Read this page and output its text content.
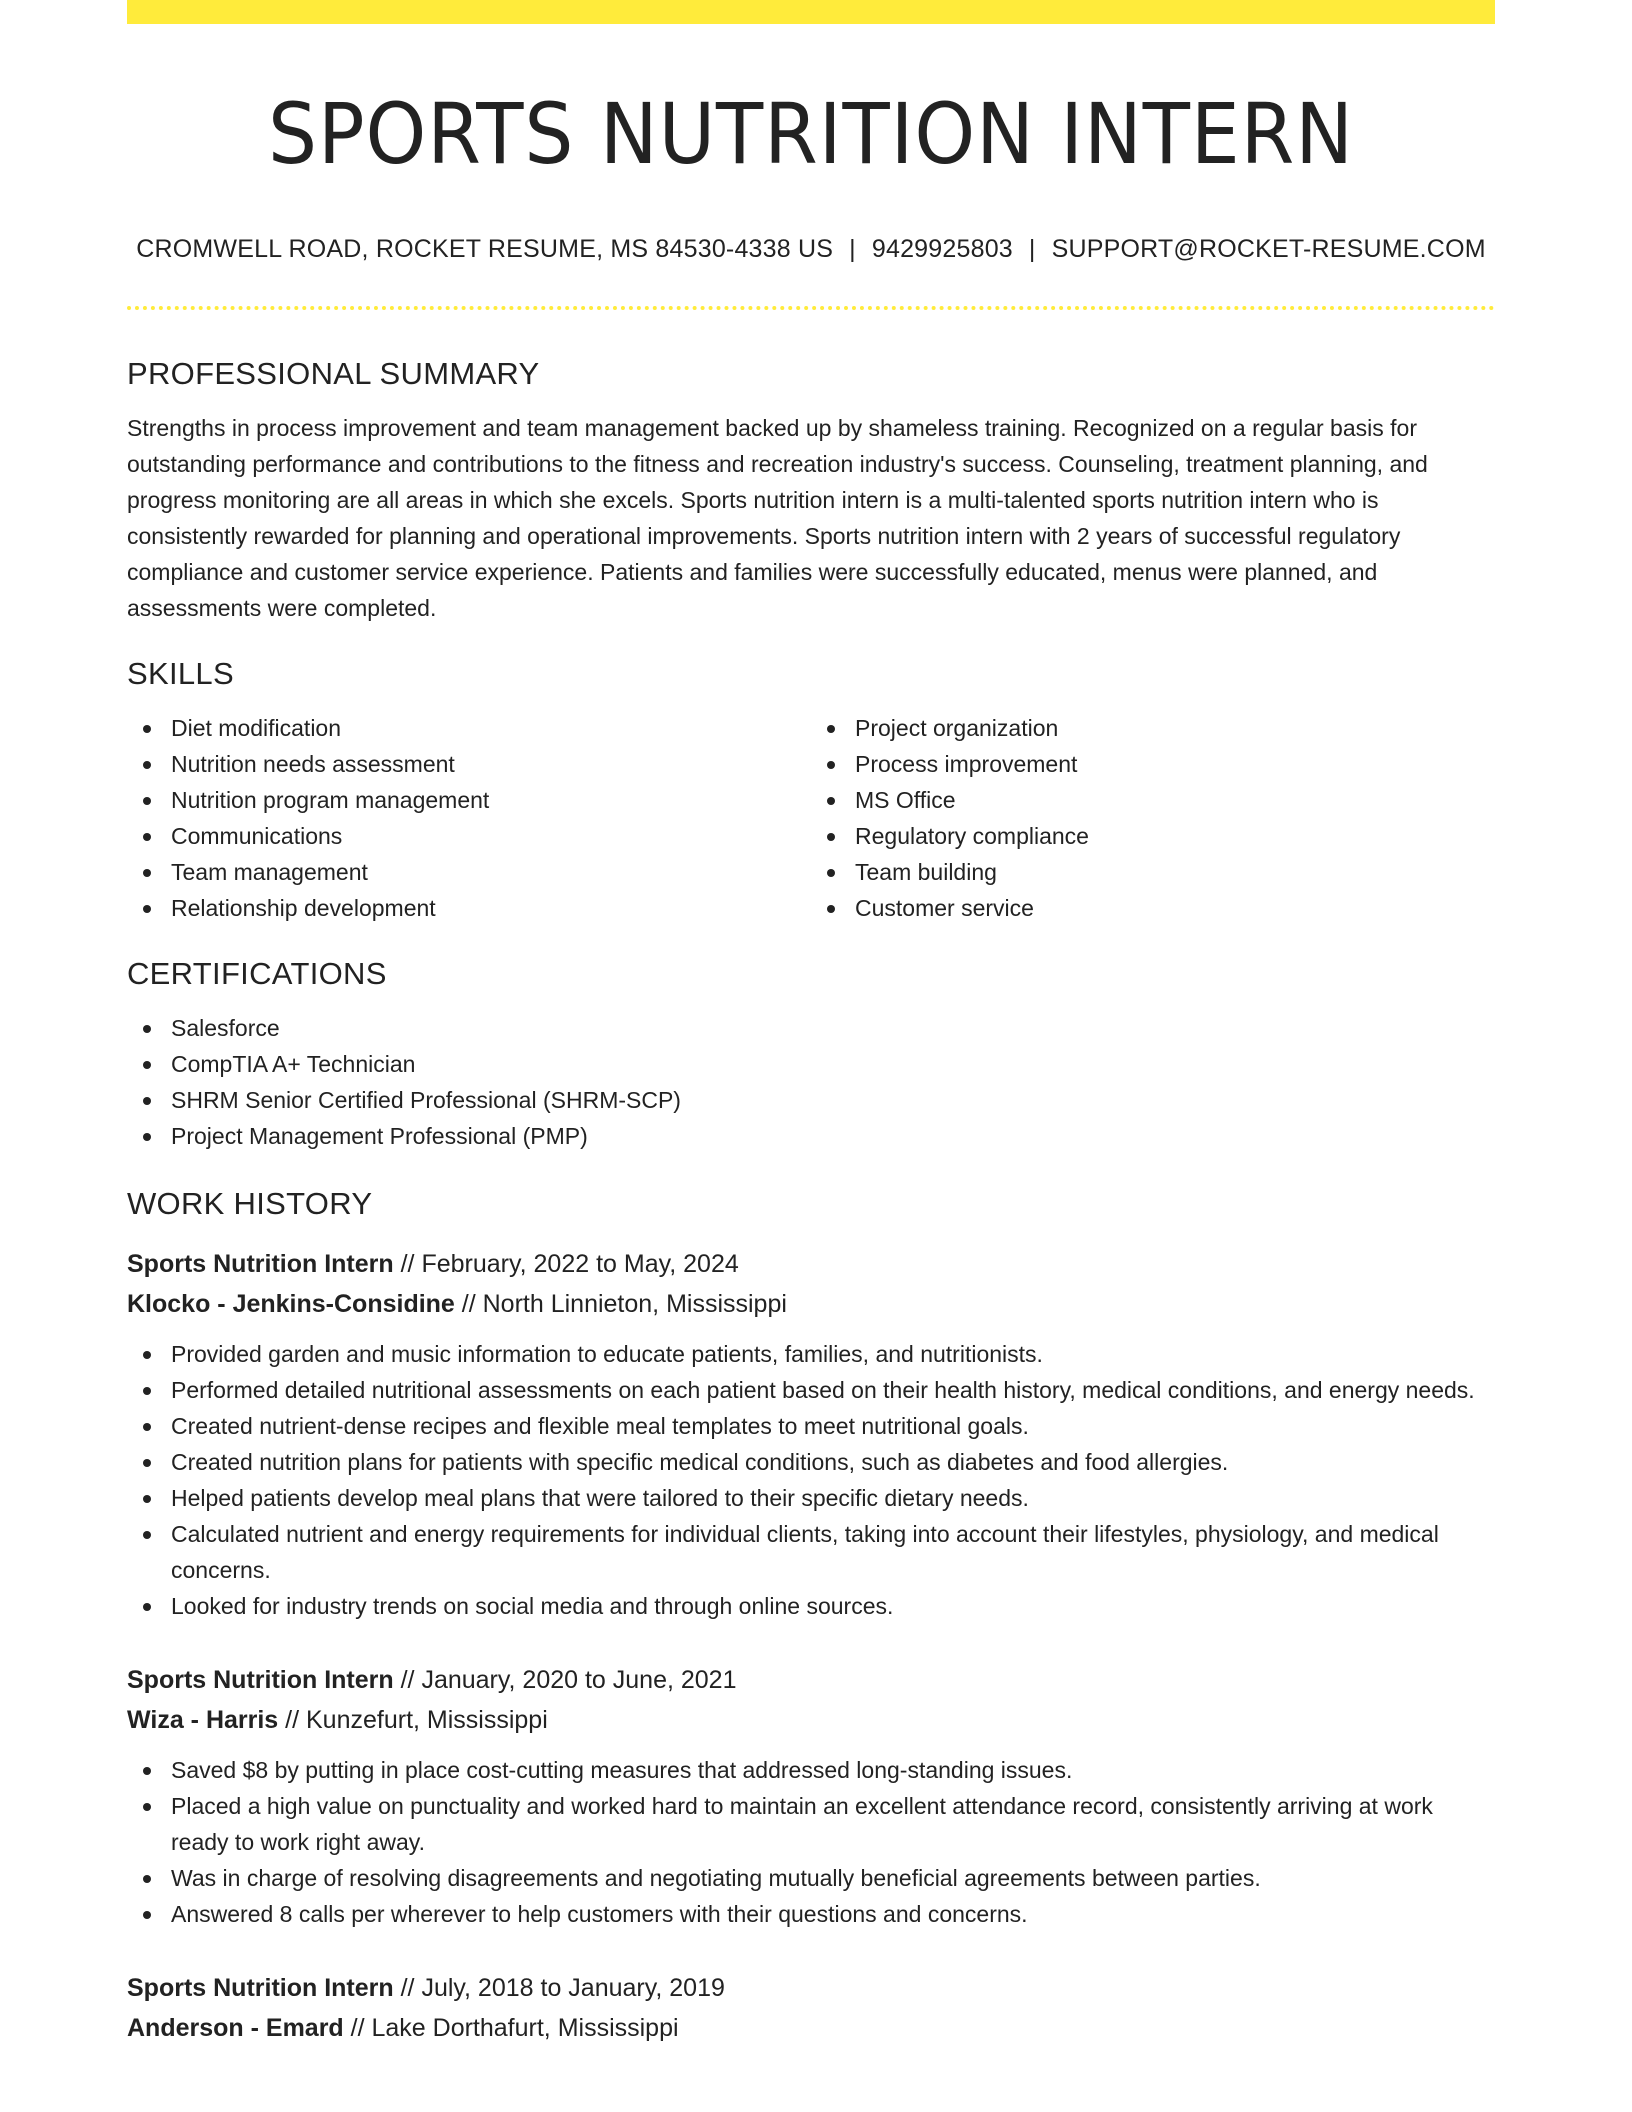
SPORTS NUTRITION INTERN
CROMWELL ROAD, ROCKET RESUME, MS 84530-4338 US | 9429925803 | SUPPORT@ROCKET-RESUME.COM
PROFESSIONAL SUMMARY

Strengths in process improvement and team management backed up by shameless training. Recognized on a regular basis for outstanding performance and contributions to the fitness and recreation industry's success. Counseling, treatment planning, and progress monitoring are all areas in which she excels. Sports nutrition intern is a multi-talented sports nutrition intern who is consistently rewarded for planning and operational improvements. Sports nutrition intern with 2 years of successful regulatory compliance and customer service experience. Patients and families were successfully educated, menus were planned, and assessments were completed.

SKILLS
Diet modification
Nutrition needs assessment
Nutrition program management
Communications
Team management
Relationship development
Project organization
Process improvement
MS Office
Regulatory compliance
Team building
Customer service
CERTIFICATIONS
Salesforce
CompTIA A+ Technician
SHRM Senior Certified Professional (SHRM-SCP)
Project Management Professional (PMP)
WORK HISTORY
Sports Nutrition Intern // February, 2022 to May, 2024
Klocko - Jenkins-Considine // North Linnieton, Mississippi
Provided garden and music information to educate patients, families, and nutritionists.
Performed detailed nutritional assessments on each patient based on their health history, medical conditions, and energy needs.
Created nutrient-dense recipes and flexible meal templates to meet nutritional goals.
Created nutrition plans for patients with specific medical conditions, such as diabetes and food allergies.
Helped patients develop meal plans that were tailored to their specific dietary needs.
Calculated nutrient and energy requirements for individual clients, taking into account their lifestyles, physiology, and medical concerns.
Looked for industry trends on social media and through online sources.
Sports Nutrition Intern // January, 2020 to June, 2021
Wiza - Harris // Kunzefurt, Mississippi
Saved $8 by putting in place cost-cutting measures that addressed long-standing issues.
Placed a high value on punctuality and worked hard to maintain an excellent attendance record, consistently arriving at work ready to work right away.
Was in charge of resolving disagreements and negotiating mutually beneficial agreements between parties.
Answered 8 calls per wherever to help customers with their questions and concerns.
Sports Nutrition Intern // July, 2018 to January, 2019
Anderson - Emard // Lake Dorthafurt, Mississippi
